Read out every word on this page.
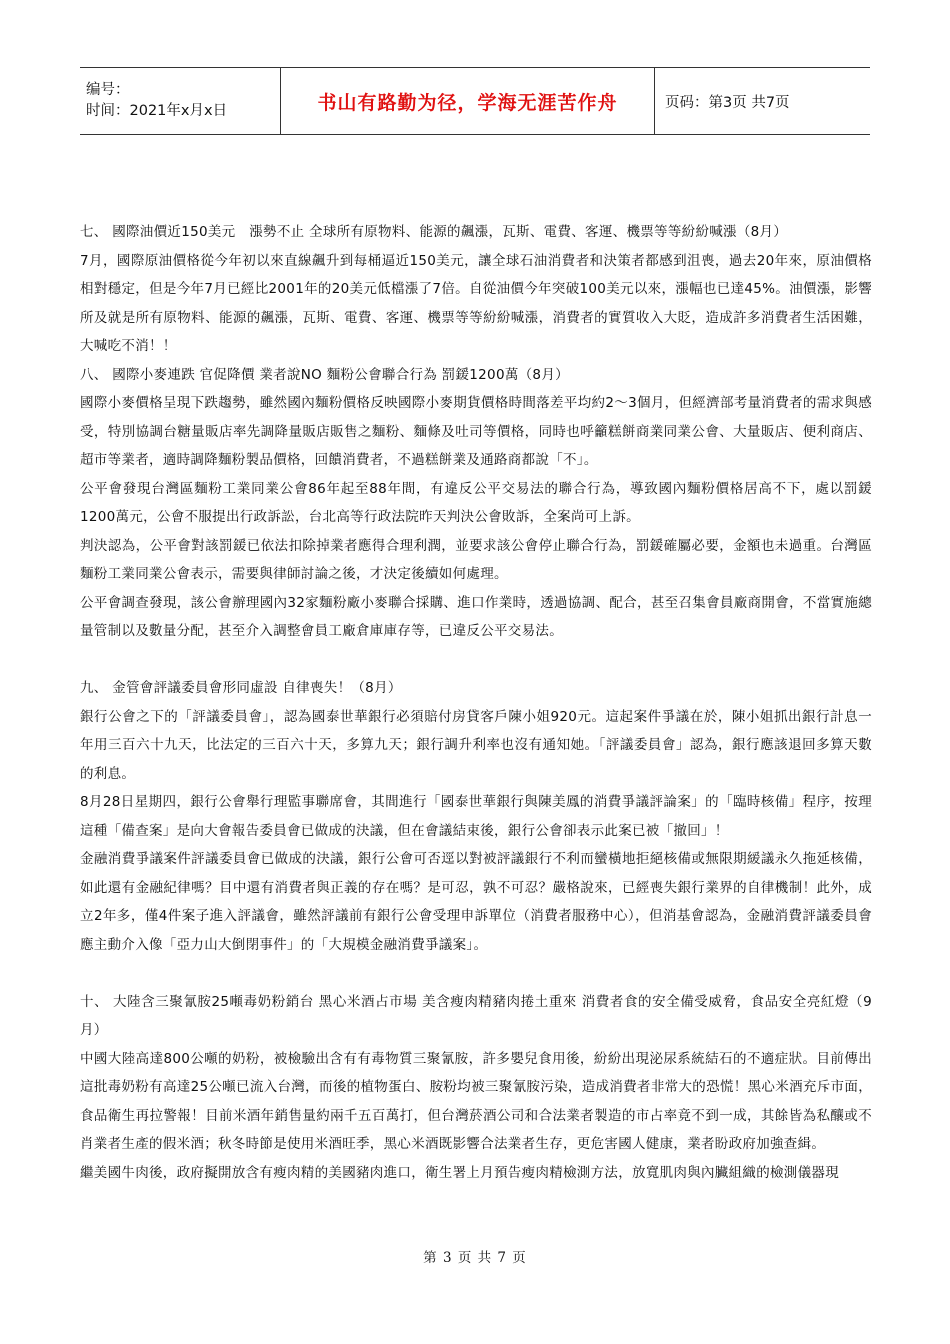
编号：
时间：2021年x月x日	书山有路勤为径，学海无涯苦作舟	页码：第3页 共7页

七、 國際油價近150美元　漲勢不止 全球所有原物料、能源的飆漲，瓦斯、電費、客運、機票等等紛紛喊漲（8月）

7月，國際原油價格從今年初以來直線飆升到每桶逼近150美元，讓全球石油消費者和決策者都感到沮喪，過去20年來，原油價格相對穩定，但是今年7月已經比2001年的20美元低檔漲了7倍。自從油價今年突破100美元以來，漲幅也已達45%。油價漲，影響所及就是所有原物料、能源的飆漲，瓦斯、電費、客運、機票等等紛紛喊漲，消費者的實質收入大貶，造成許多消費者生活困難，大喊吃不消！！

八、 國際小麥連跌 官促降價 業者說NO 麵粉公會聯合行為 罰鍰1200萬（8月）

國際小麥價格呈現下跌趨勢，雖然國內麵粉價格反映國際小麥期貨價格時間落差平均約2～3個月，但經濟部考量消費者的需求與感受，特別協調台糖量販店率先調降量販店販售之麵粉、麵條及吐司等價格，同時也呼籲糕餅商業同業公會、大量販店、便利商店、超市等業者，適時調降麵粉製品價格，回饋消費者，不過糕餅業及通路商都說「不」。

公平會發現台灣區麵粉工業同業公會86年起至88年間，有違反公平交易法的聯合行為，導致國內麵粉價格居高不下，處以罰鍰1200萬元，公會不服提出行政訴訟，台北高等行政法院昨天判決公會敗訴，全案尚可上訴。

判決認為，公平會對該罰鍰已依法扣除掉業者應得合理利潤，並要求該公會停止聯合行為，罰鍰確屬必要，金額也未過重。台灣區麵粉工業同業公會表示，需要與律師討論之後，才決定後續如何處理。

公平會調查發現，該公會辦理國內32家麵粉廠小麥聯合採購、進口作業時，透過協調、配合，甚至召集會員廠商開會，不當實施總量管制以及數量分配，甚至介入調整會員工廠倉庫庫存等，已違反公平交易法。

九、 金管會評議委員會形同虛設 自律喪失！（8月）

銀行公會之下的「評議委員會」，認為國泰世華銀行必須賠付房貸客戶陳小姐920元。這起案件爭議在於，陳小姐抓出銀行計息一年用三百六十九天，比法定的三百六十天，多算九天；銀行調升利率也沒有通知她。「評議委員會」認為，銀行應該退回多算天數的利息。

8月28日星期四，銀行公會舉行理監事聯席會，其間進行「國泰世華銀行與陳美鳳的消費爭議評論案」的「臨時核備」程序，按理這種「備查案」是向大會報告委員會已做成的決議，但在會議結束後，銀行公會卻表示此案已被「撤回」！

金融消費爭議案件評議委員會已做成的決議，銀行公會可否逕以對被評議銀行不利而蠻橫地拒絕核備或無限期緩議永久拖延核備，如此還有金融紀律嗎？目中還有消費者與正義的存在嗎？是可忍，孰不可忍？嚴格說來，已經喪失銀行業界的自律機制！此外，成立2年多，僅4件案子進入評議會，雖然評議前有銀行公會受理申訴單位（消費者服務中心），但消基會認為，金融消費評議委員會應主動介入像「亞力山大倒閉事件」的「大規模金融消費爭議案」。

十、 大陸含三聚氰胺25噸毒奶粉銷台 黑心米酒占市場 美含瘦肉精豬肉捲土重來 消費者食的安全備受威脅，食品安全亮紅燈（9月）

中國大陸高達800公噸的奶粉，被檢驗出含有有毒物質三聚氰胺，許多嬰兒食用後，紛紛出現泌尿系統結石的不適症狀。目前傳出這批毒奶粉有高達25公噸已流入台灣，而後的植物蛋白、胺粉均被三聚氰胺污染，造成消費者非常大的恐慌！黑心米酒充斥市面，食品衛生再拉警報！目前米酒年銷售量約兩千五百萬打，但台灣菸酒公司和合法業者製造的市占率竟不到一成，其餘皆為私釀或不肖業者生產的假米酒；秋冬時節是使用米酒旺季，黑心米酒既影響合法業者生存，更危害國人健康，業者盼政府加強查緝。

繼美國牛肉後，政府擬開放含有瘦肉精的美國豬肉進口，衛生署上月預告瘦肉精檢測方法，放寬肌肉與內臟組織的檢測儀器現

第 3 页 共 7 页
